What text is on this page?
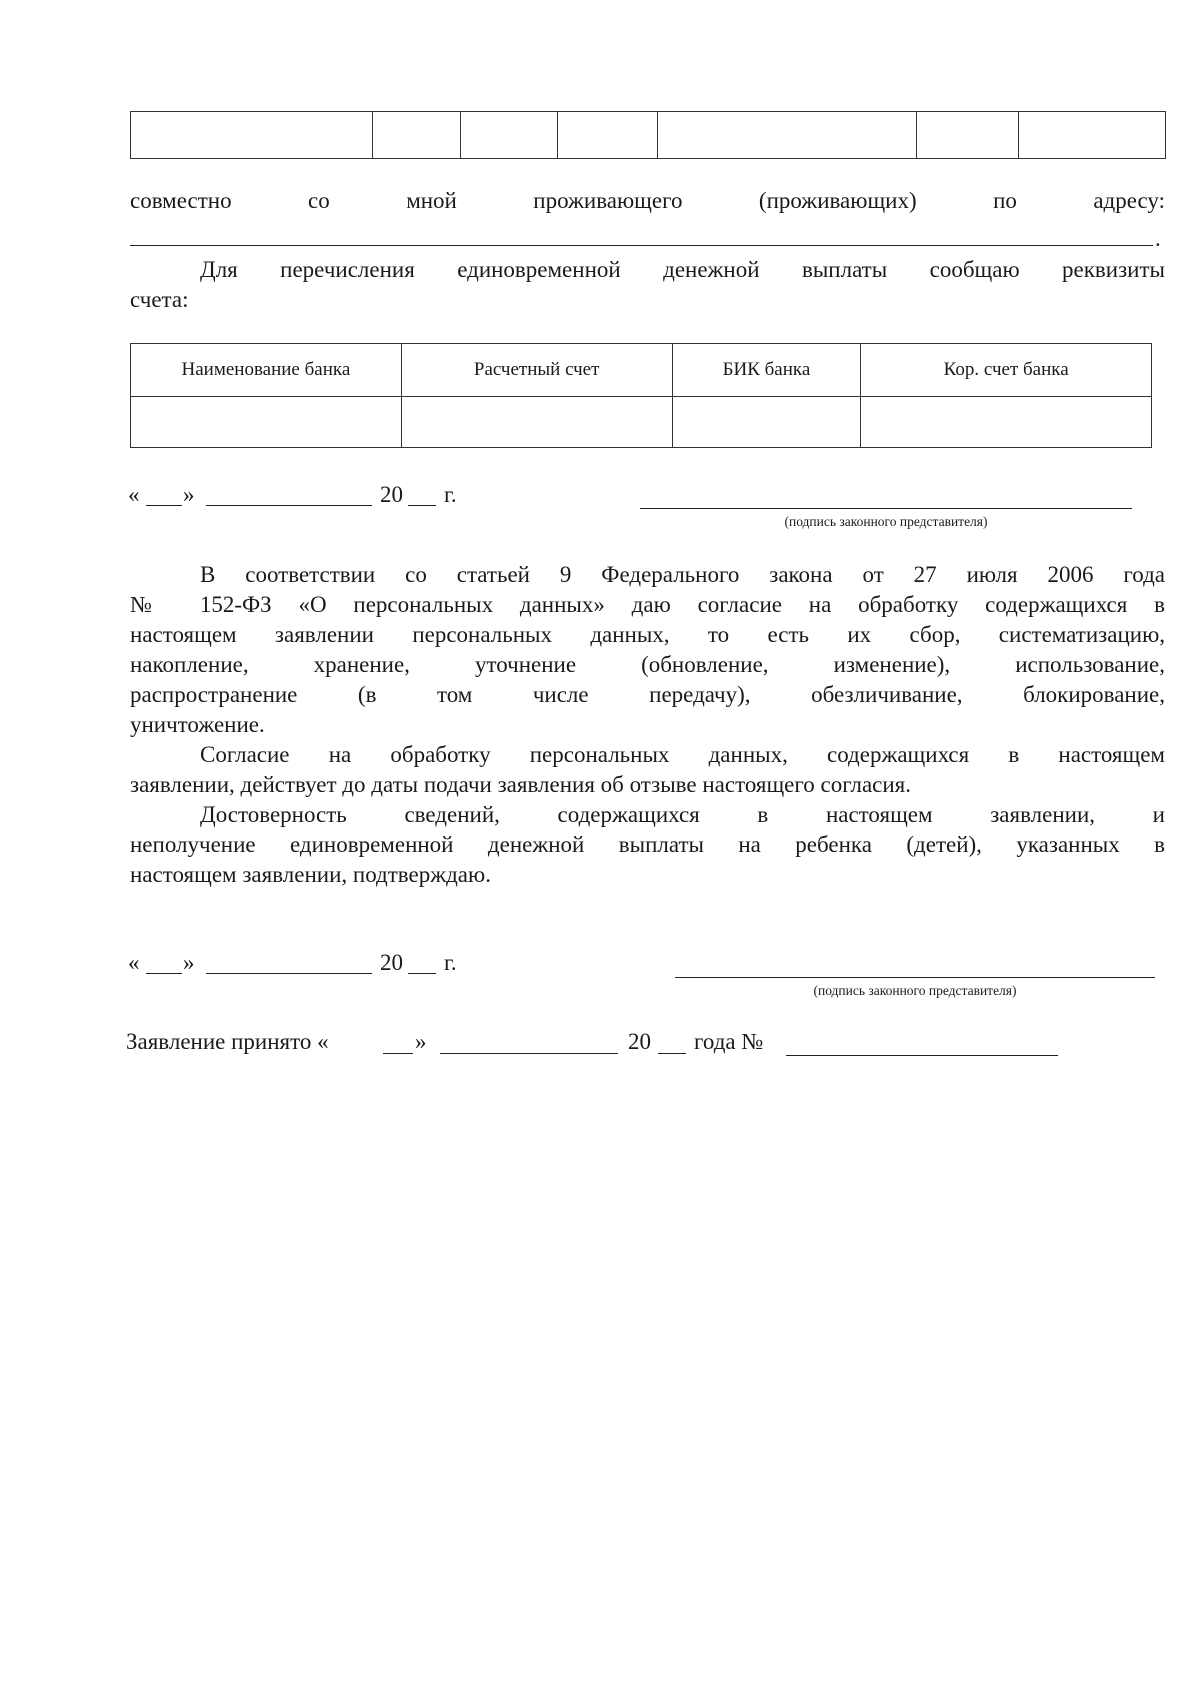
совместно	со	мной	проживающего	(проживающих)	по	адресу:
.
Для перечисления единовременной денежной выплаты сообщаю реквизиты
счета:
Наименование банка	Расчетный счет	БИК банка	Кор. счет банка

« »	20 г.
(подпись законного представителя)
В соответствии со статьей 9 Федерального закона от 27 июля 2006 года
№ 152-ФЗ «О персональных данных» даю согласие на обработку содержащихся в
настоящем заявлении персональных данных, то есть их сбор, систематизацию,
накопление, хранение, уточнение (обновление, изменение), использование,
распространение (в том числе передачу), обезличивание, блокирование,
уничтожение.
Согласие на обработку персональных данных, содержащихся в настоящем
заявлении, действует до даты подачи заявления об отзыве настоящего согласия.
Достоверность сведений, содержащихся в настоящем заявлении, и
неполучение единовременной денежной выплаты на ребенка (детей), указанных в
настоящем заявлении, подтверждаю.
« »	20 г.
(подпись законного представителя)
Заявление принято «	»	20 года №
